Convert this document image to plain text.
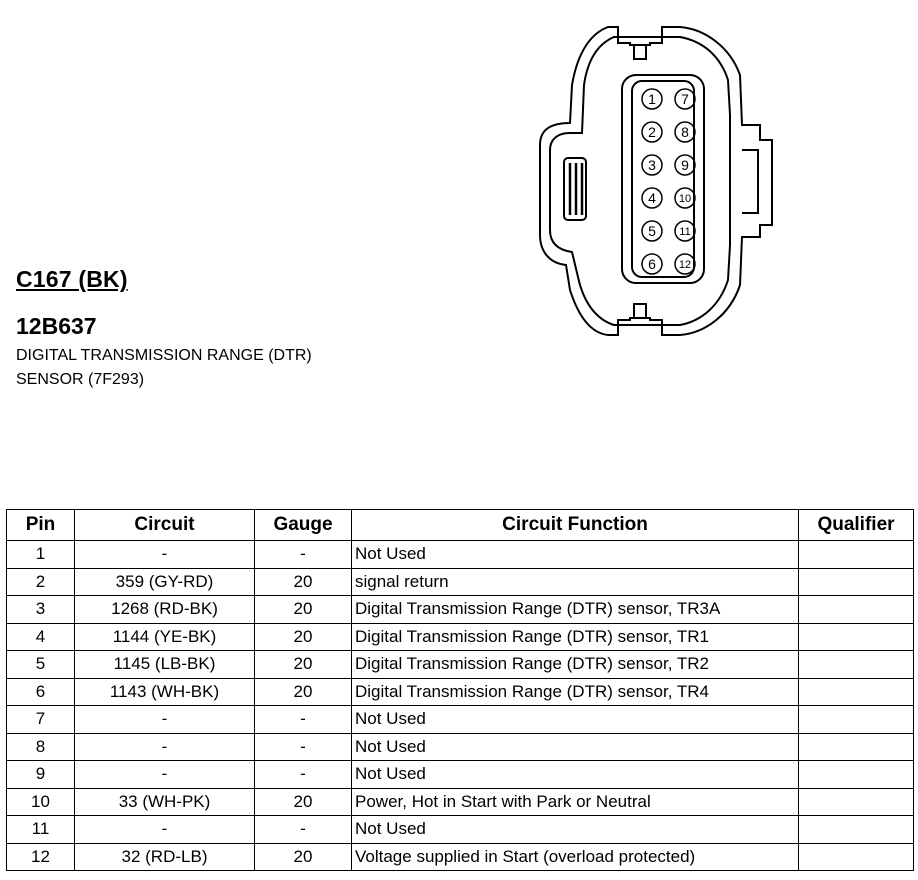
C167 (BK)
12B637
DIGITAL TRANSMISSION RANGE (DTR)
SENSOR (7F293)
1
2
3
4
5
6
7
8
9
10
11
12
Pin	Circuit	Gauge	Circuit Function	Qualifier
1	-	-	Not Used	
2	359 (GY-RD)	20	signal return	
3	1268 (RD-BK)	20	Digital Transmission Range (DTR) sensor, TR3A	
4	1144 (YE-BK)	20	Digital Transmission Range (DTR) sensor, TR1	
5	1145 (LB-BK)	20	Digital Transmission Range (DTR) sensor, TR2	
6	1143 (WH-BK)	20	Digital Transmission Range (DTR) sensor, TR4	
7	-	-	Not Used	
8	-	-	Not Used	
9	-	-	Not Used	
10	33 (WH-PK)	20	Power, Hot in Start with Park or Neutral	
11	-	-	Not Used	
12	32 (RD-LB)	20	Voltage supplied in Start (overload protected)	
